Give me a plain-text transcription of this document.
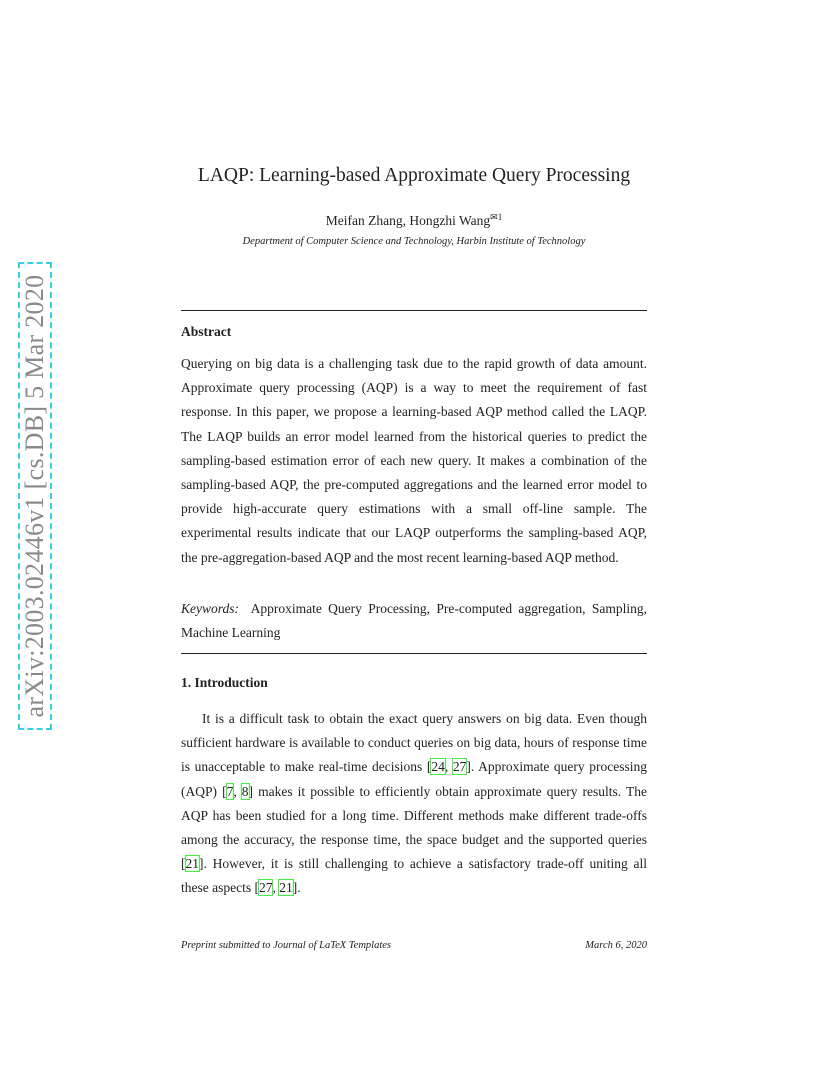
arXiv:2003.02446v1 [cs.DB] 5 Mar 2020
LAQP: Learning-based Approximate Query Processing
Meifan Zhang, Hongzhi Wang$^{✉1}$
Department of Computer Science and Technology, Harbin Institute of Technology
Abstract
Querying on big data is a challenging task due to the rapid growth of data amount. Approximate query processing (AQP) is a way to meet the requirement of fast response. In this paper, we propose a learning-based AQP method called the LAQP. The LAQP builds an error model learned from the historical queries to predict the sampling-based estimation error of each new query. It makes a combination of the sampling-based AQP, the pre-computed aggregations and the learned error model to provide high-accurate query estimations with a small off-line sample. The experimental results indicate that our LAQP outperforms the sampling-based AQP, the pre-aggregation-based AQP and the most recent learning-based AQP method.
Keywords: Approximate Query Processing, Pre-computed aggregation, Sampling, Machine Learning
1. Introduction
It is a difficult task to obtain the exact query answers on big data. Even though sufficient hardware is available to conduct queries on big data, hours of response time is unacceptable to make real-time decisions [24, 27]. Approximate query processing (AQP) [7, 8] makes it possible to efficiently obtain approximate query results. The AQP has been studied for a long time. Different methods make different trade-offs among the accuracy, the response time, the space budget and the supported queries [21]. However, it is still challenging to achieve a satisfactory trade-off uniting all these aspects [27, 21].
Preprint submitted to Journal of LaTeX Templates	March 6, 2020
